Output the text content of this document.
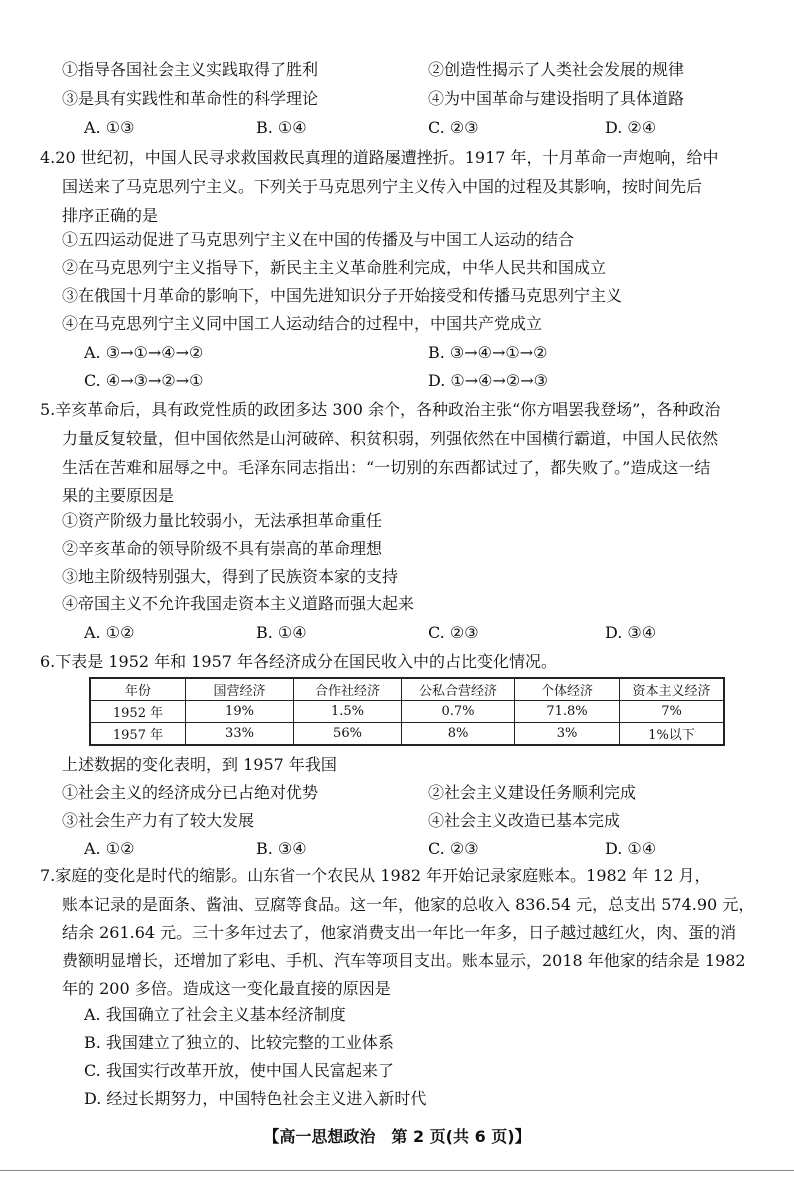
①指导各国社会主义实践取得了胜利	②创造性揭示了人类社会发展的规律
③是具有实践性和革命性的科学理论	④为中国革命与建设指明了具体道路
A. ①③	B. ①④	C. ②③	D. ②④
4.20 世纪初，中国人民寻求救国救民真理的道路屡遭挫折。1917 年，十月革命一声炮响，给中
国送来了马克思列宁主义。下列关于马克思列宁主义传入中国的过程及其影响，按时间先后
排序正确的是
①五四运动促进了马克思列宁主义在中国的传播及与中国工人运动的结合
②在马克思列宁主义指导下，新民主主义革命胜利完成，中华人民共和国成立
③在俄国十月革命的影响下，中国先进知识分子开始接受和传播马克思列宁主义
④在马克思列宁主义同中国工人运动结合的过程中，中国共产党成立
A. ③→①→④→②	B. ③→④→①→②
C. ④→③→②→①	D. ①→④→②→③
5.辛亥革命后，具有政党性质的政团多达 300 余个，各种政治主张“你方唱罢我登场”，各种政治
力量反复较量，但中国依然是山河破碎、积贫积弱，列强依然在中国横行霸道，中国人民依然
生活在苦难和屈辱之中。毛泽东同志指出：“一切别的东西都试过了，都失败了。”造成这一结
果的主要原因是
①资产阶级力量比较弱小，无法承担革命重任
②辛亥革命的领导阶级不具有崇高的革命理想
③地主阶级特别强大，得到了民族资本家的支持
④帝国主义不允许我国走资本主义道路而强大起来
A. ①②	B. ①④	C. ②③	D. ③④
6.下表是 1952 年和 1957 年各经济成分在国民收入中的占比变化情况。
年份	国营经济	合作社经济	公私合营经济	个体经济	资本主义经济
1952 年	19%	1.5%	0.7%	71.8%	7%
1957 年	33%	56%	8%	3%	1%以下
上述数据的变化表明，到 1957 年我国
①社会主义的经济成分已占绝对优势	②社会主义建设任务顺利完成
③社会生产力有了较大发展	④社会主义改造已基本完成
A. ①②	B. ③④	C. ②③	D. ①④
7.家庭的变化是时代的缩影。山东省一个农民从 1982 年开始记录家庭账本。1982 年 12 月，
账本记录的是面条、酱油、豆腐等食品。这一年，他家的总收入 836.54 元，总支出 574.90 元，
结余 261.64 元。三十多年过去了，他家消费支出一年比一年多，日子越过越红火，肉、蛋的消
费额明显增长，还增加了彩电、手机、汽车等项目支出。账本显示，2018 年他家的结余是 1982
年的 200 多倍。造成这一变化最直接的原因是
A. 我国确立了社会主义基本经济制度
B. 我国建立了独立的、比较完整的工业体系
C. 我国实行改革开放，使中国人民富起来了
D. 经过长期努力，中国特色社会主义进入新时代
【高一思想政治　第 2 页(共 6 页)】
